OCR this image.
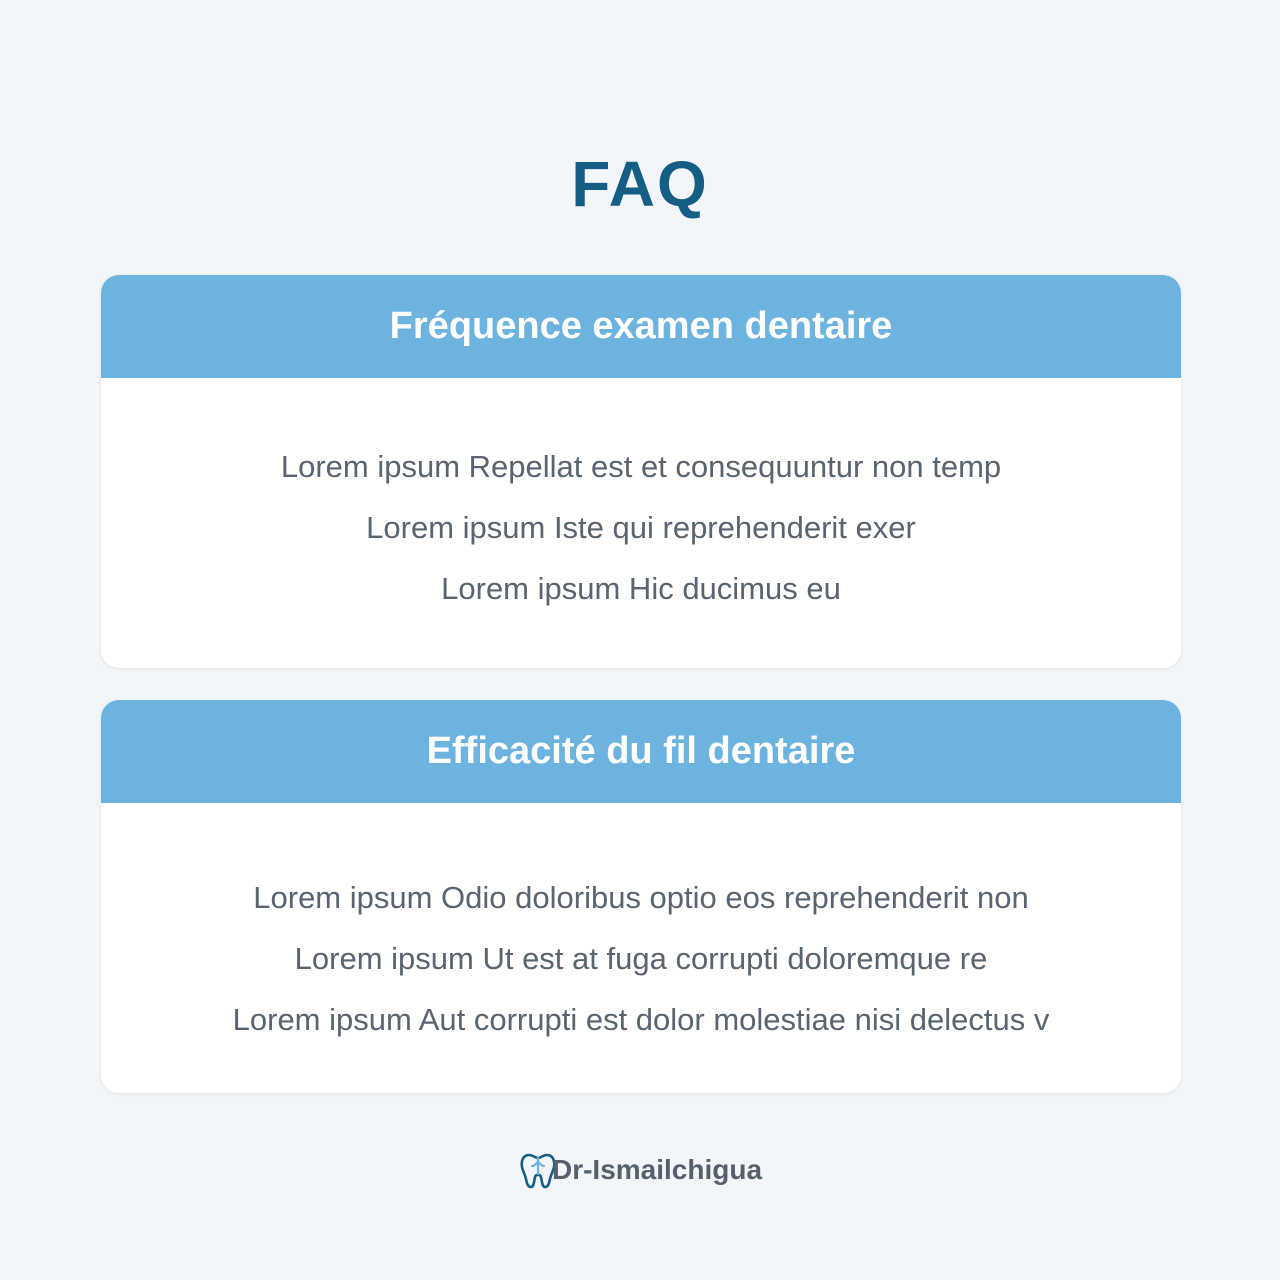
FAQ
Fréquence examen dentaire

Lorem ipsum Repellat est et consequuntur non temp

Lorem ipsum Iste qui reprehenderit exer

Lorem ipsum Hic ducimus eu

Efficacité du fil dentaire

Lorem ipsum Odio doloribus optio eos reprehenderit non

Lorem ipsum Ut est at fuga corrupti doloremque re

Lorem ipsum Aut corrupti est dolor molestiae nisi delectus v

Dr-Ismailchigua
